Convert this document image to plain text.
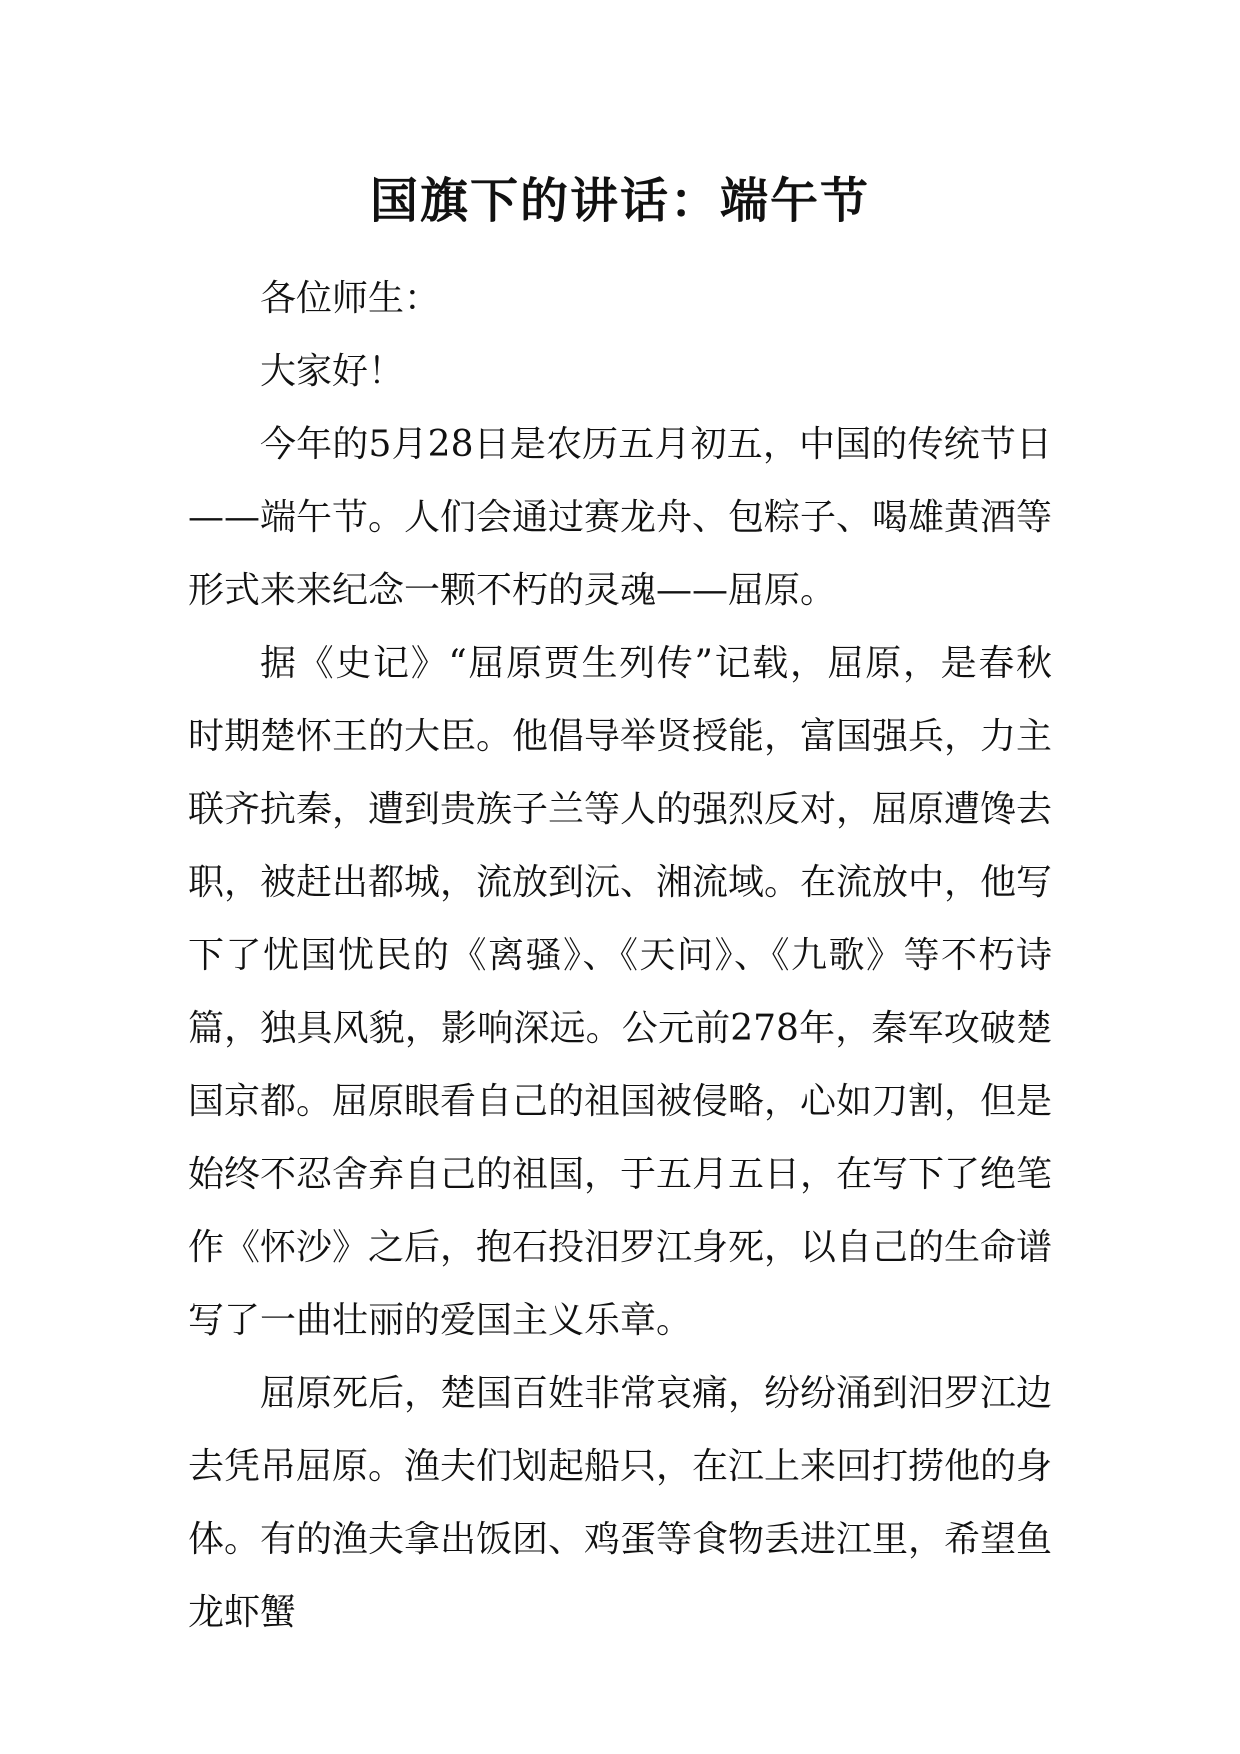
国旗下的讲话：端午节

各位师生：

大家好！

今年的5月28日是农历五月初五，中国的传统节日——端午节。人们会通过赛龙舟、包粽子、喝雄黄酒等形式来来纪念一颗不朽的灵魂——屈原。

据《史记》“屈原贾生列传”记载，屈原，是春秋时期楚怀王的大臣。他倡导举贤授能，富国强兵，力主联齐抗秦，遭到贵族子兰等人的强烈反对，屈原遭馋去职，被赶出都城，流放到沅、湘流域。在流放中，他写下了忧国忧民的《离骚》、《天问》、《九歌》等不朽诗篇，独具风貌，影响深远。公元前278年，秦军攻破楚国京都。屈原眼看自己的祖国被侵略，心如刀割，但是始终不忍舍弃自己的祖国，于五月五日，在写下了绝笔作《怀沙》之后，抱石投汨罗江身死，以自己的生命谱写了一曲壮丽的爱国主义乐章。

屈原死后，楚国百姓非常哀痛，纷纷涌到汨罗江边去凭吊屈原。渔夫们划起船只，在江上来回打捞他的身体。有的渔夫拿出饭团、鸡蛋等食物丢进江里，希望鱼龙虾蟹
